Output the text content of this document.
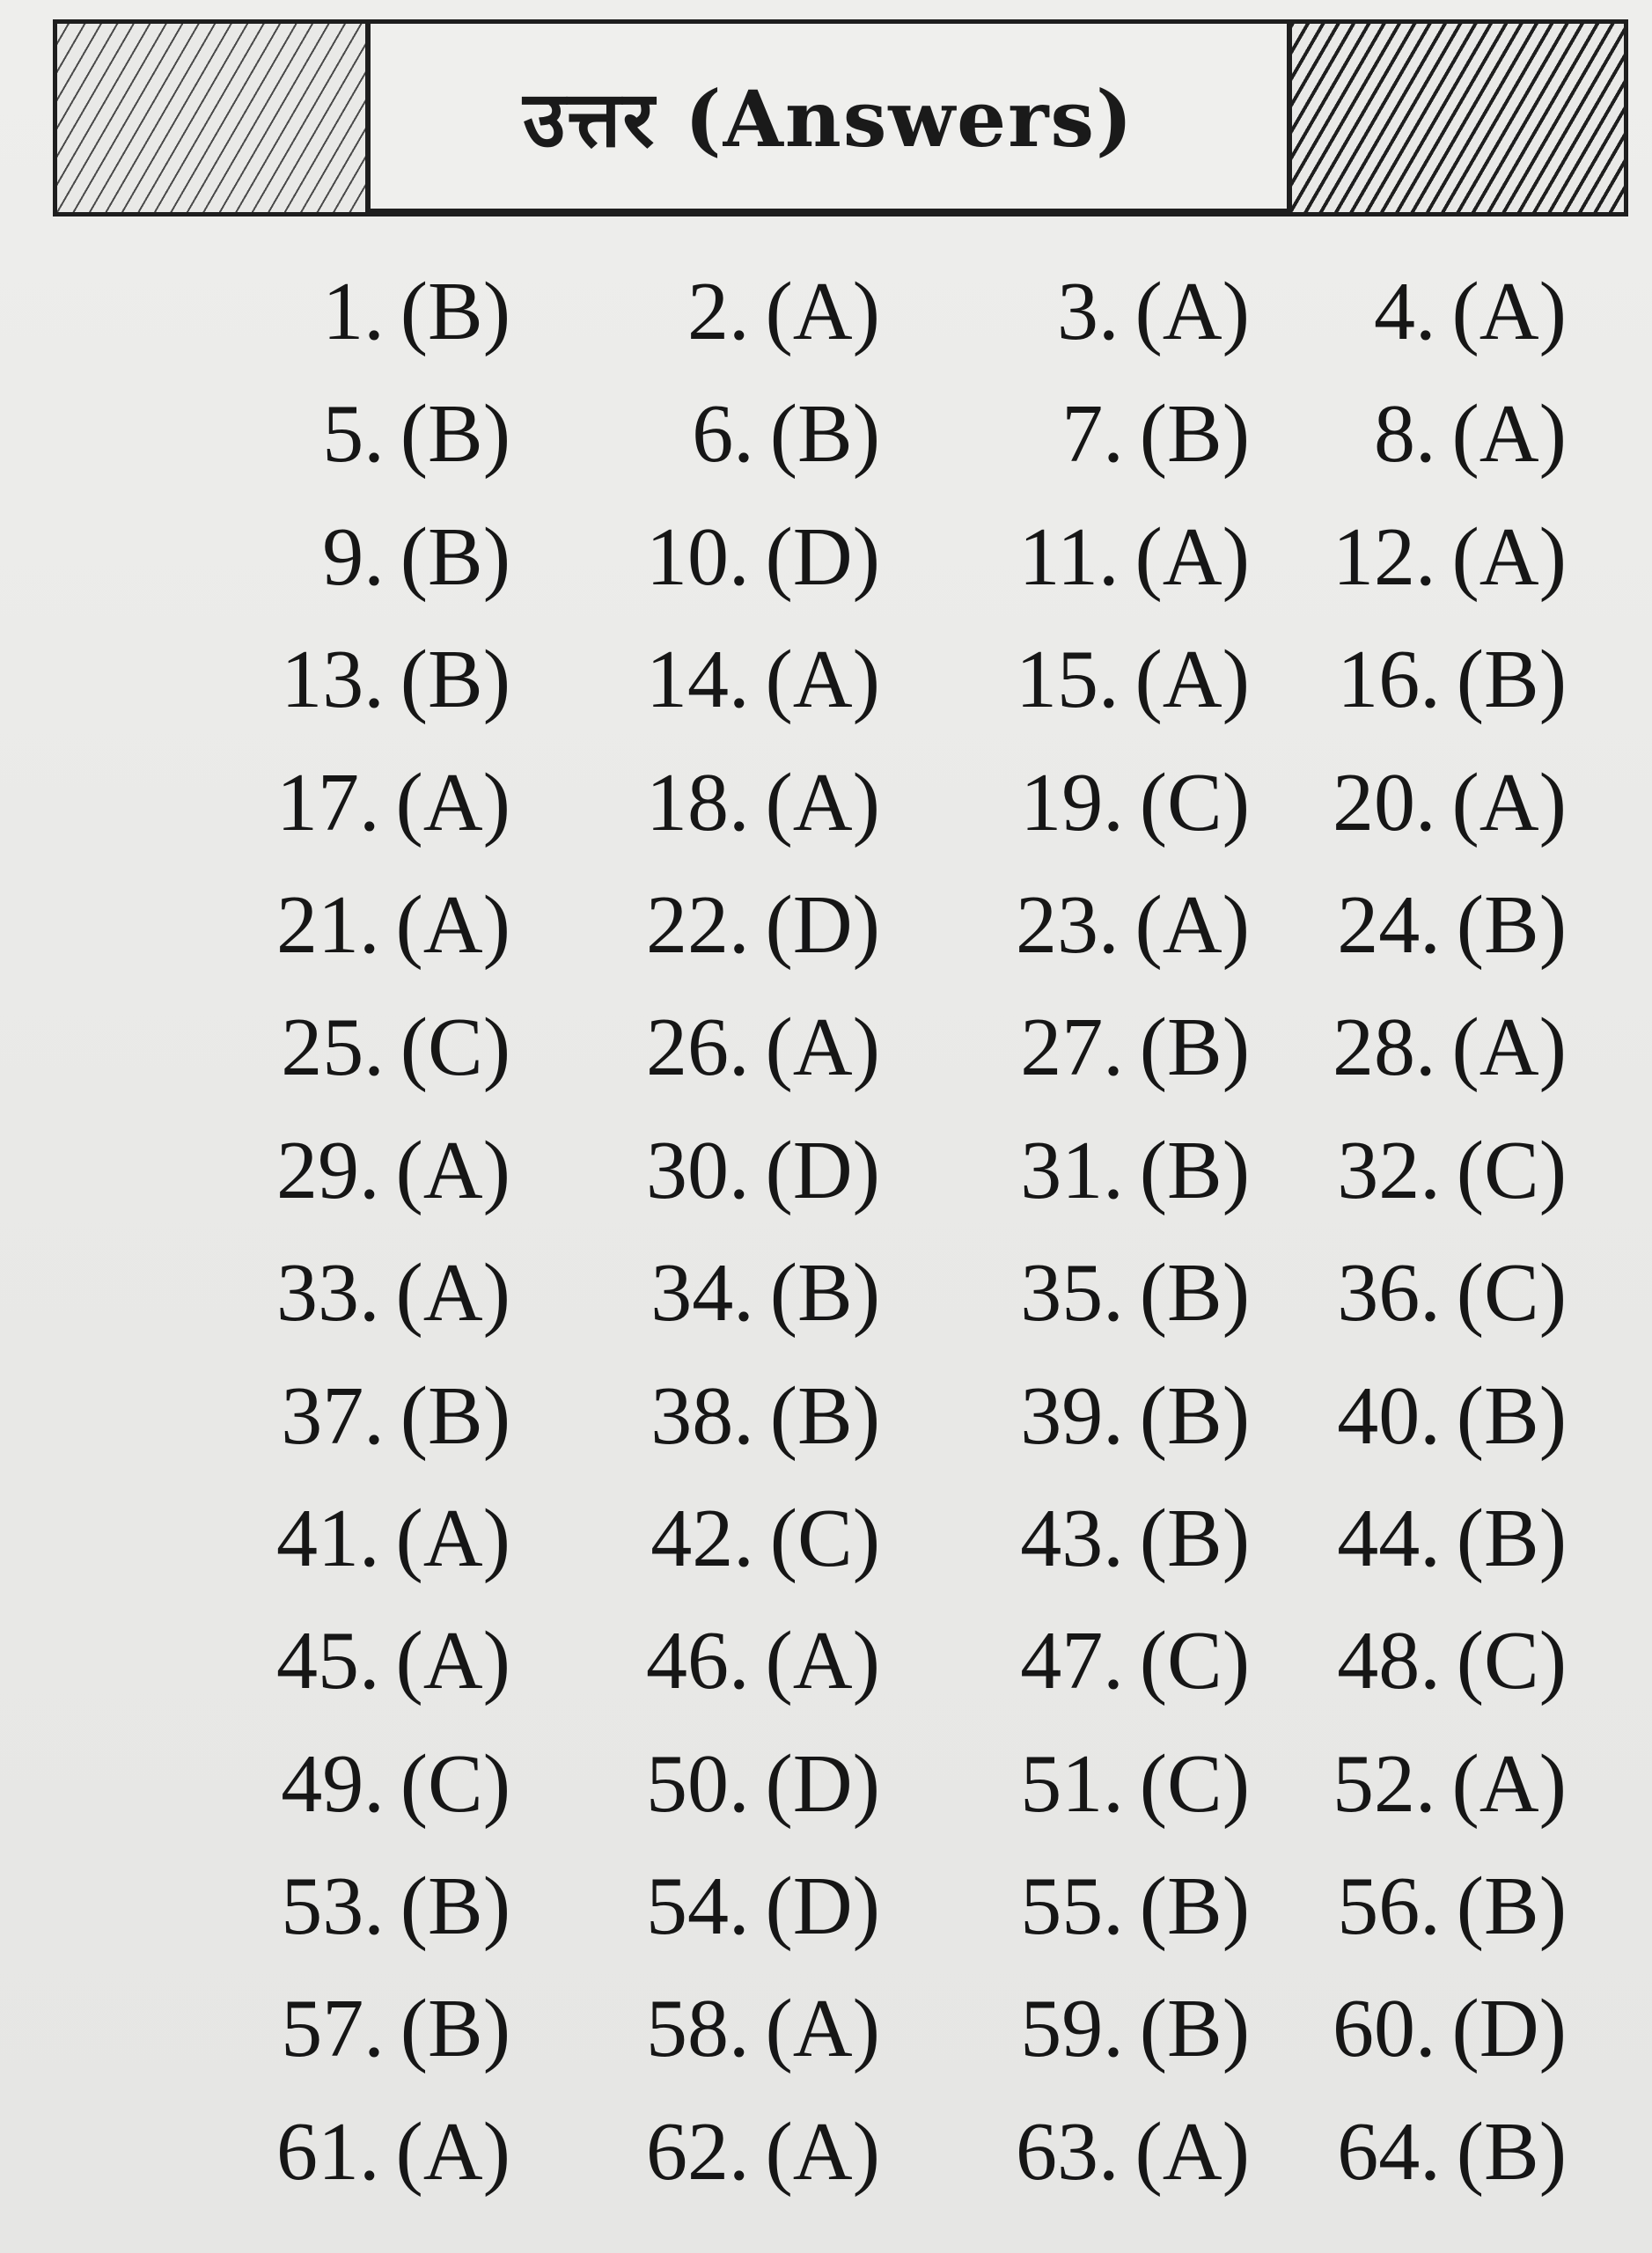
उत्तर (Answers)
1. (B)	2. (A)	3. (A)	4. (A)
5. (B)	6. (B)	7. (B)	8. (A)
9. (B)	10. (D)	11. (A)	12. (A)
13. (B)	14. (A)	15. (A)	16. (B)
17. (A)	18. (A)	19. (C)	20. (A)
21. (A)	22. (D)	23. (A)	24. (B)
25. (C)	26. (A)	27. (B)	28. (A)
29. (A)	30. (D)	31. (B)	32. (C)
33. (A)	34. (B)	35. (B)	36. (C)
37. (B)	38. (B)	39. (B)	40. (B)
41. (A)	42. (C)	43. (B)	44. (B)
45. (A)	46. (A)	47. (C)	48. (C)
49. (C)	50. (D)	51. (C)	52. (A)
53. (B)	54. (D)	55. (B)	56. (B)
57. (B)	58. (A)	59. (B)	60. (D)
61. (A)	62. (A)	63. (A)	64. (B)
